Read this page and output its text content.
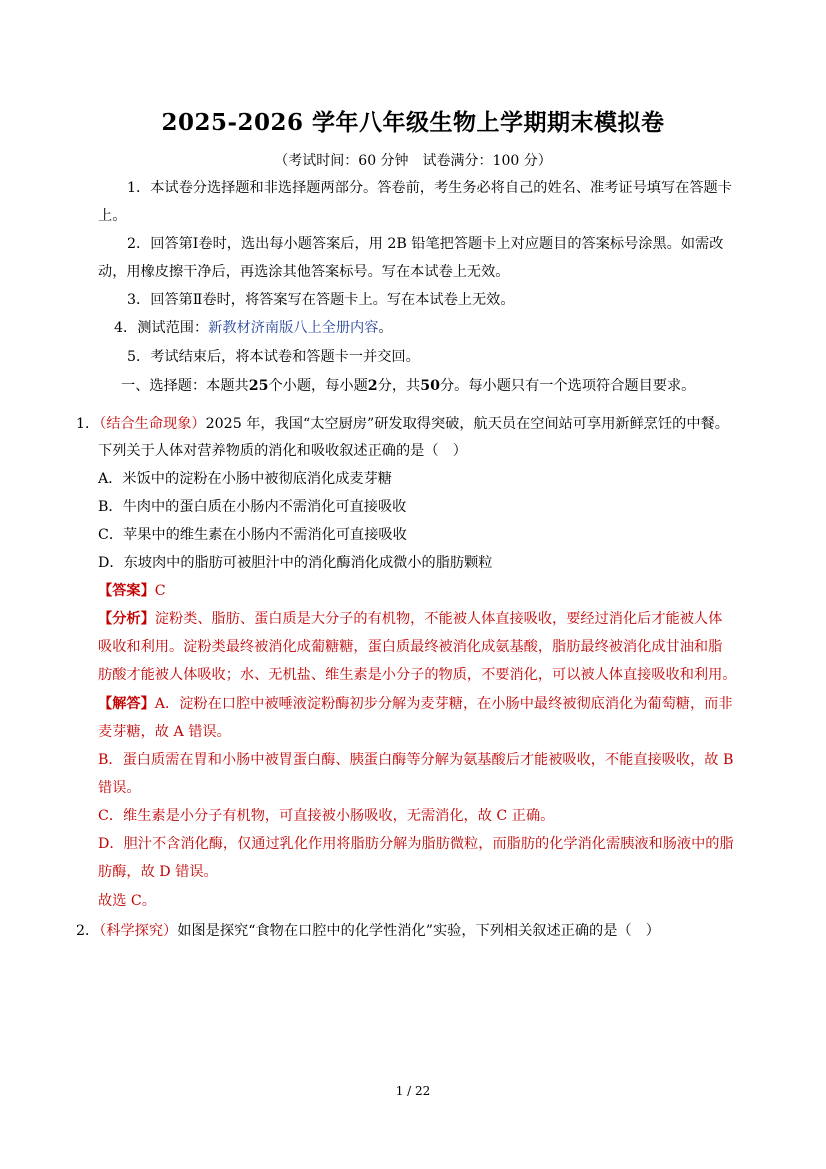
2025-2026 学年八年级生物上学期期末模拟卷
（考试时间：60 分钟　试卷满分：100 分）
1．本试卷分选择题和非选择题两部分。答卷前，考生务必将自己的姓名、准考证号填写在答题卡
上。
2．回答第Ⅰ卷时，选出每小题答案后，用 2B 铅笔把答题卡上对应题目的答案标号涂黑。如需改
动，用橡皮擦干净后，再选涂其他答案标号。写在本试卷上无效。
3．回答第Ⅱ卷时，将答案写在答题卡上。写在本试卷上无效。
4．测试范围：新教材济南版八上全册内容。
5．考试结束后，将本试卷和答题卡一并交回。
一、选择题：本题共25个小题，每小题2分，共50分。每小题只有一个选项符合题目要求。
1．（结合生命现象）2025 年，我国“太空厨房”研发取得突破，航天员在空间站可享用新鲜烹饪的中餐。
下列关于人体对营养物质的消化和吸收叙述正确的是（　）
A．米饭中的淀粉在小肠中被彻底消化成麦芽糖
B．牛肉中的蛋白质在小肠内不需消化可直接吸收
C．苹果中的维生素在小肠内不需消化可直接吸收
D．东坡肉中的脂肪可被胆汁中的消化酶消化成微小的脂肪颗粒
【答案】C
【分析】淀粉类、脂肪、蛋白质是大分子的有机物，不能被人体直接吸收，要经过消化后才能被人体
吸收和利用。淀粉类最终被消化成葡糖糖，蛋白质最终被消化成氨基酸，脂肪最终被消化成甘油和脂
肪酸才能被人体吸收；水、无机盐、维生素是小分子的物质，不要消化，可以被人体直接吸收和利用。
【解答】A．淀粉在口腔中被唾液淀粉酶初步分解为麦芽糖，在小肠中最终被彻底消化为葡萄糖，而非
麦芽糖，故 A 错误。
B．蛋白质需在胃和小肠中被胃蛋白酶、胰蛋白酶等分解为氨基酸后才能被吸收，不能直接吸收，故 B
错误。
C．维生素是小分子有机物，可直接被小肠吸收，无需消化，故 C 正确。
D．胆汁不含消化酶，仅通过乳化作用将脂肪分解为脂肪微粒，而脂肪的化学消化需胰液和肠液中的脂
肪酶，故 D 错误。
故选 C。
2．（科学探究）如图是探究“食物在口腔中的化学性消化”实验，下列相关叙述正确的是（　）
1 / 22
